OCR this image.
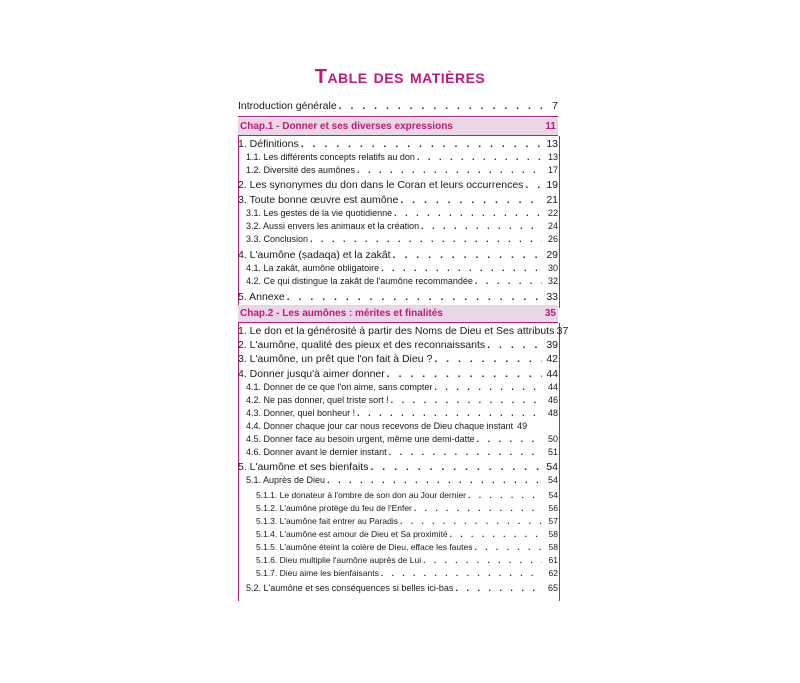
Table des matières
Introduction générale . . .	7
Chap.1 - Donner et ses diverses expressions	11
1. Définitions . . .	13
1.1. Les différents concepts relatifs au don . . .	13
1.2. Diversité des aumônes . . .	17
2. Les synonymes du don dans le Coran et leurs occurrences . . . 19
3. Toute bonne œuvre est aumône . . .	21
3.1. Les gestes de la vie quotidienne . . .	22
3.2. Aussi envers les animaux et la création . . .	24
3.3. Conclusion . . .	26
4. L'aumône (ṣadaqa) et la zakât . . .	29
4.1. La zakât, aumône obligatoire . . .	30
4.2. Ce qui distingue la zakât de l'aumône recommandée . . .	32
5. Annexe . . .	33
Chap.2 - Les aumônes : mérites et finalités	35
1. Le don et la générosité à partir des Noms de Dieu et Ses attributs 37
2. L'aumône, qualité des pieux et des reconnaissants . . .	39
3. L'aumône, un prêt que l'on fait à Dieu ? . . .	42
4. Donner jusqu'à aimer donner . . .	44
4.1. Donner de ce que l'on aime, sans compter . . .	44
4.2. Ne pas donner, quel triste sort ! . . .	46
4.3. Donner, quel bonheur ! . . .	48
4.4. Donner chaque jour car nous recevons de Dieu chaque instant 49
4.5. Donner face au besoin urgent, même une demi-datte . . .	50
4.6. Donner avant le dernier instant . . .	51
5. L'aumône et ses bienfaits . . .	54
5.1. Auprès de Dieu . . .	54
5.1.1. Le donateur à l'ombre de son don au Jour dernier . . .	54
5.1.2. L'aumône protège du feu de l'Enfer . . .	56
5.1.3. L'aumône fait entrer au Paradis . . .	57
5.1.4. L'aumône est amour de Dieu et Sa proximité . . .	58
5.1.5. L'aumône éteint la colère de Dieu, efface les fautes . . .	58
5.1.6. Dieu multiplie l'aumône auprès de Lui . . .	61
5.1.7. Dieu aime les bienfaisants . . .	62
5.2. L'aumône et ses conséquences si belles ici-bas . . .	65
